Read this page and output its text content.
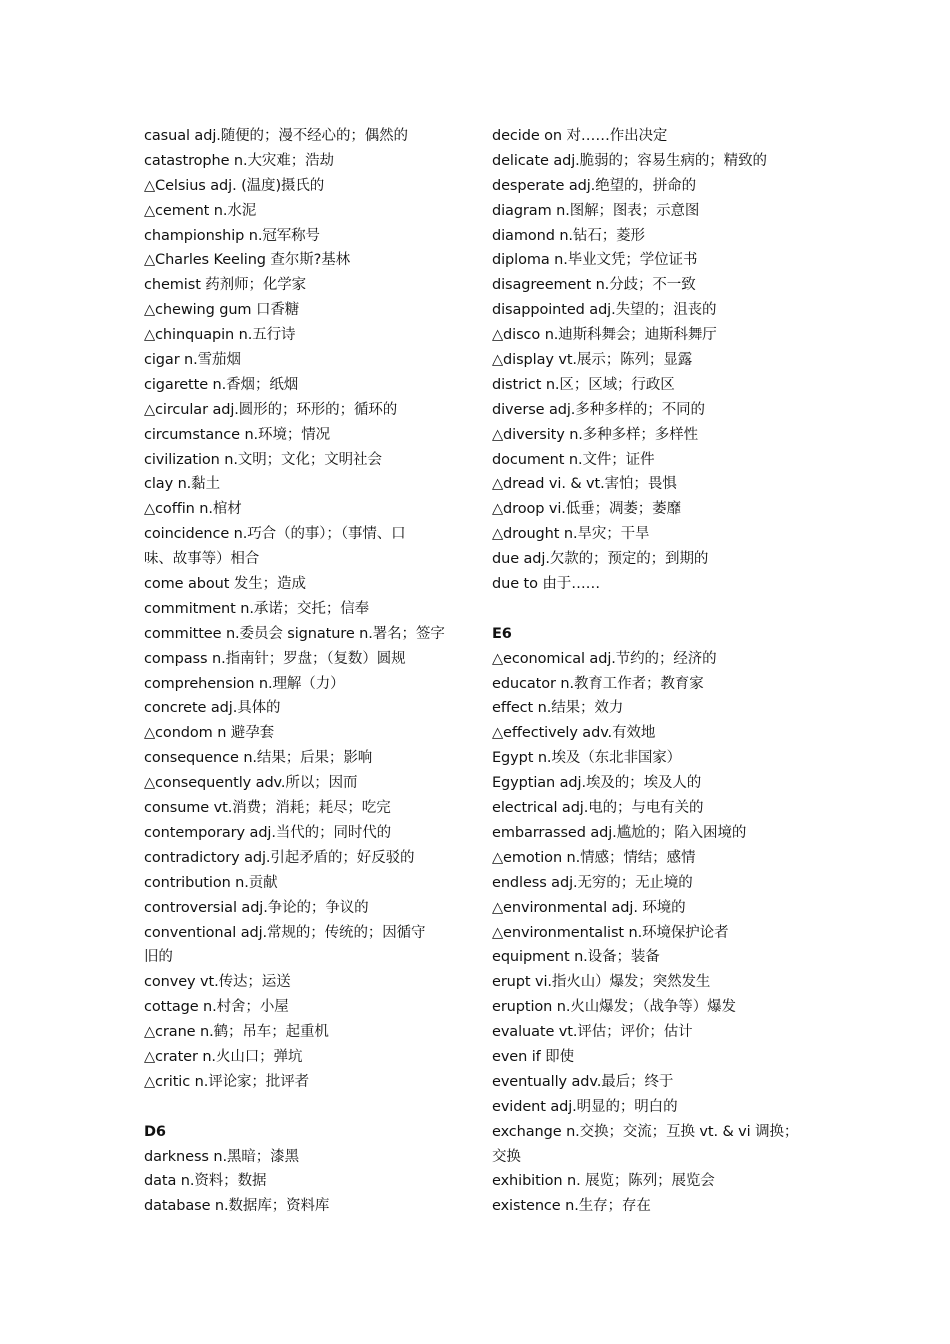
casual adj.随便的；漫不经心的；偶然的
catastrophe n.大灾难；浩劫
△Celsius adj. (温度)摄氏的
△cement n.水泥
championship n.冠军称号
△Charles Keeling 查尔斯?基林
chemist 药剂师；化学家
△chewing gum 口香糖
△chinquapin n.五行诗
cigar n.雪茄烟
cigarette n.香烟；纸烟
△circular adj.圆形的；环形的；循环的
circumstance n.环境；情况
civilization n.文明；文化；文明社会
clay n.黏土
△coffin n.棺材
coincidence n.巧合（的事）；（事情、口
味、故事等）相合
come about 发生；造成
commitment n.承诺；交托；信奉
committee n.委员会 signature n.署名；签字
compass n.指南针；罗盘；（复数）圆规
comprehension n.理解（力）
concrete adj.具体的
△condom n 避孕套
consequence n.结果；后果；影响
△consequently adv.所以；因而
consume vt.消费；消耗；耗尽；吃完
contemporary adj.当代的；同时代的
contradictory adj.引起矛盾的；好反驳的
contribution n.贡献
controversial adj.争论的；争议的
conventional adj.常规的；传统的；因循守
旧的
convey vt.传达；运送
cottage n.村舍；小屋
△crane n.鹤；吊车；起重机
△crater n.火山口；弹坑
△critic n.评论家；批评者
D6
darkness n.黑暗；漆黑
data n.资料；数据
database n.数据库；资料库
decide on 对……作出决定
delicate adj.脆弱的；容易生病的；精致的
desperate adj.绝望的，拼命的
diagram n.图解；图表；示意图
diamond n.钻石；菱形
diploma n.毕业文凭；学位证书
disagreement n.分歧；不一致
disappointed adj.失望的；沮丧的
△disco n.迪斯科舞会；迪斯科舞厅
△display vt.展示；陈列；显露
district n.区；区域；行政区
diverse adj.多种多样的；不同的
△diversity n.多种多样；多样性
document n.文件；证件
△dread vi. & vt.害怕；畏惧
△droop vi.低垂；凋萎；萎靡
△drought n.旱灾；干旱
due adj.欠款的；预定的；到期的
due to 由于……
E6
△economical adj.节约的；经济的
educator n.教育工作者；教育家
effect n.结果；效力
△effectively adv.有效地
Egypt n.埃及（东北非国家）
Egyptian adj.埃及的；埃及人的
electrical adj.电的；与电有关的
embarrassed adj.尴尬的；陷入困境的
△emotion n.情感；情结；感情
endless adj.无穷的；无止境的
△environmental adj. 环境的
△environmentalist n.环境保护论者
equipment n.设备；装备
erupt vi.指火山）爆发；突然发生
eruption n.火山爆发；（战争等）爆发
evaluate vt.评估；评价；估计
even if 即使
eventually adv.最后；终于
evident adj.明显的；明白的
exchange n.交换；交流；互换 vt. & vi 调换；
交换
exhibition n. 展览；陈列；展览会
existence n.生存；存在
